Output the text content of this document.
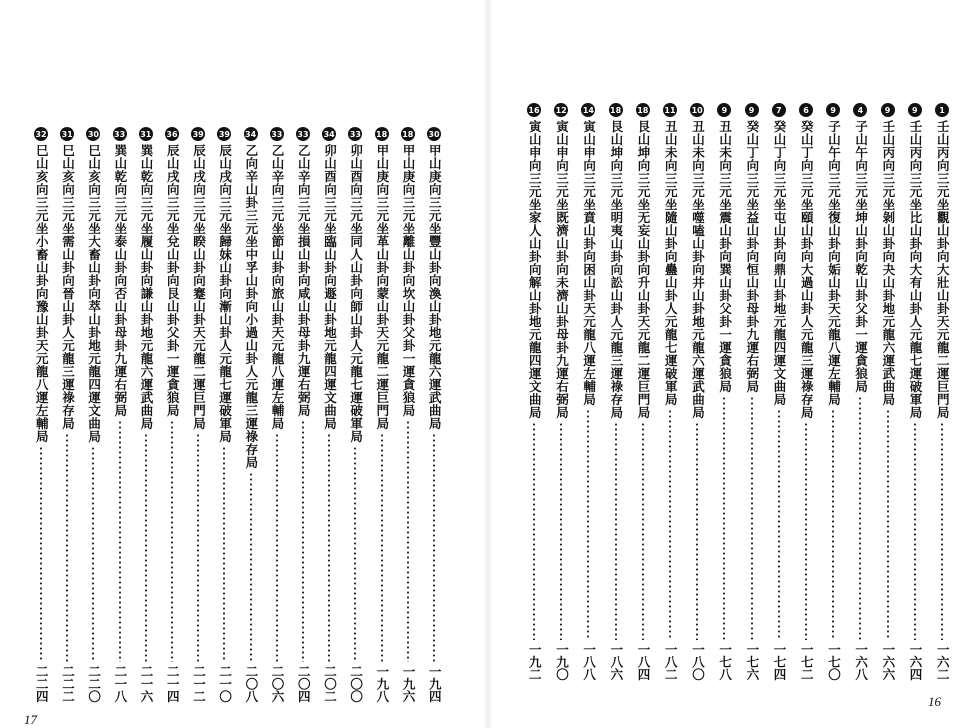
30
甲山庚向三元坐豐山卦向渙山卦地元龍六運武曲局
一九四
18
甲山庚向三元坐離山卦向坎山卦父卦一運貪狼局
一九六
18
甲山庚向三元坐革山卦向蒙山卦天元龍二運巨門局
一九八
33
卯山酉向三元坐同人山卦向師山卦人元龍七運破軍局
二〇〇
34
卯山酉向三元坐臨山卦向遯山卦地元龍四運文曲局
二〇二
33
乙山辛向三元坐損山卦向咸山卦母卦九運右弼局
二〇四
33
乙山辛向三元坐節山卦向旅山卦天元龍八運左輔局
二〇六
34
乙向辛山卦三元坐中孚山卦向小過山卦人元龍三運祿存局
二〇八
39
辰山戌向三元坐歸妹山卦向漸山卦人元龍七運破軍局
二一〇
39
辰山戌向三元坐睽山卦向蹇山卦天元龍二運巨門局
二一二
36
辰山戌向三元坐兌山卦向艮山卦父卦一運貪狼局
二一四
31
巽山乾向三元坐履山卦向謙山卦地元龍六運武曲局
二一六
33
巽山乾向三元坐泰山卦向否山卦母卦九運右弼局
二一八
30
巳山亥向三元坐大畜山卦向萃山卦地元龍四運文曲局
二二〇
31
巳山亥向三元坐需山卦向晉山卦人元龍三運祿存局
二二二
32
巳山亥向三元坐小畜山卦向豫山卦天元龍八運左輔局
二二四
17
1
壬山丙向三元坐觀山卦向大壯山卦天元龍二運巨門局
一六二
9
壬山丙向三元坐比山卦向大有山卦人元龍七運破軍局
一六四
9
壬山丙向三元坐剝山卦向夬山卦地元龍六運武曲局
一六六
4
子山午向三元坐坤山卦向乾山卦父卦一運貪狼局
一六八
9
子山午向三元坐復山卦向姤山卦天元龍八運左輔局
一七〇
6
癸山丁向三元坐頤山卦向大過山卦人元龍三運祿存局
一七二
7
癸山丁向三元坐屯山卦向鼎山卦地元龍四運文曲局
一七四
9
癸山丁向三元坐益山卦向恒山卦母卦九運右弼局
一七六
9
丑山未向三元坐震山卦向巽山卦父卦一運貪狼局
一七八
10
丑山未向三元坐噬嗑山卦向井山卦地元龍六運武曲局
一八〇
11
丑山未向三元坐隨山卦向蠱山卦人元龍七運破軍局
一八二
18
艮山坤向三元坐无妄山卦向升山卦天元龍二運巨門局
一八四
18
艮山坤向三元坐明夷山卦向訟山卦人元龍三運祿存局
一八六
14
寅山申向三元坐賁山卦向困山卦天元龍八運左輔局
一八八
12
寅山申向三元坐既濟山卦向未濟山卦母卦九運右弼局
一九〇
16
寅山申向三元坐家人山卦向解山卦地元龍四運文曲局
一九二
16
